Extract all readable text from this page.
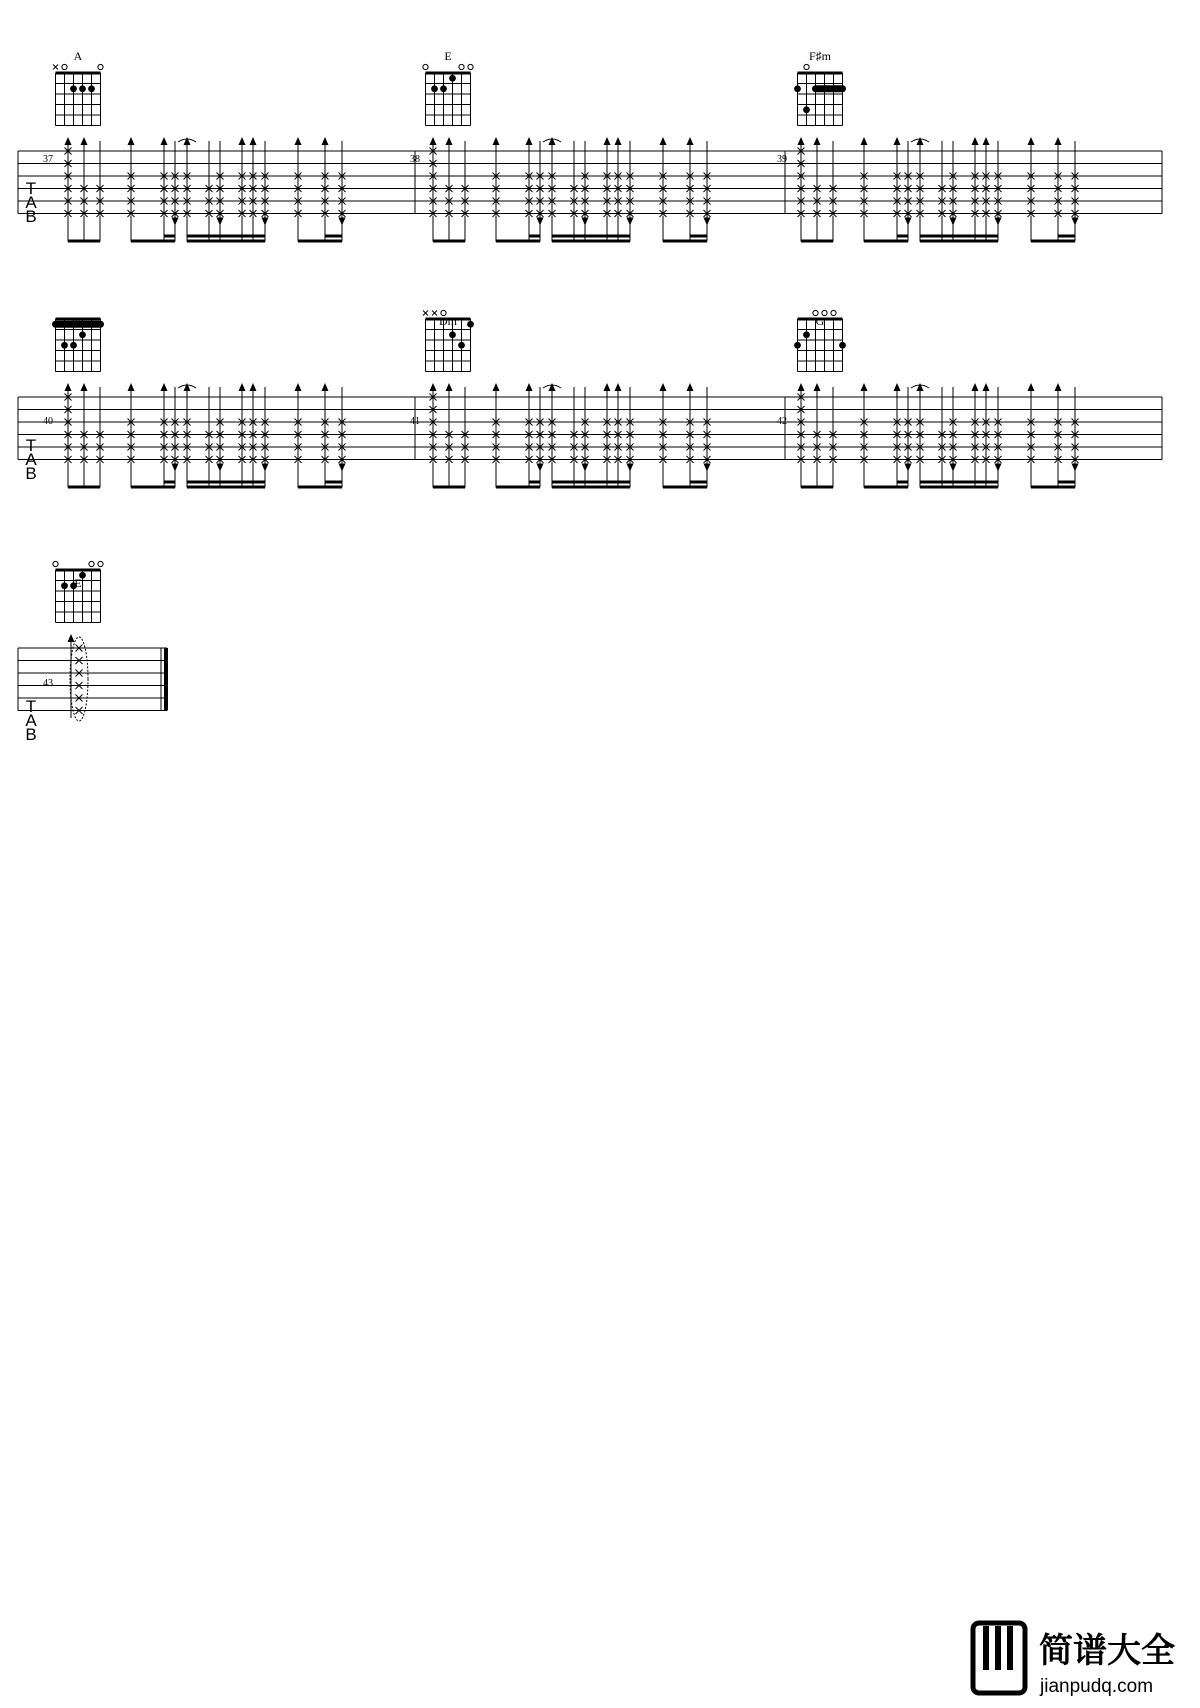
T
A
B
T
A
B
T
A
B
37	38	39
40	41	42
43
A	E	F♯m
F	Dm	G
E
简谱大全
jianpudq.com
